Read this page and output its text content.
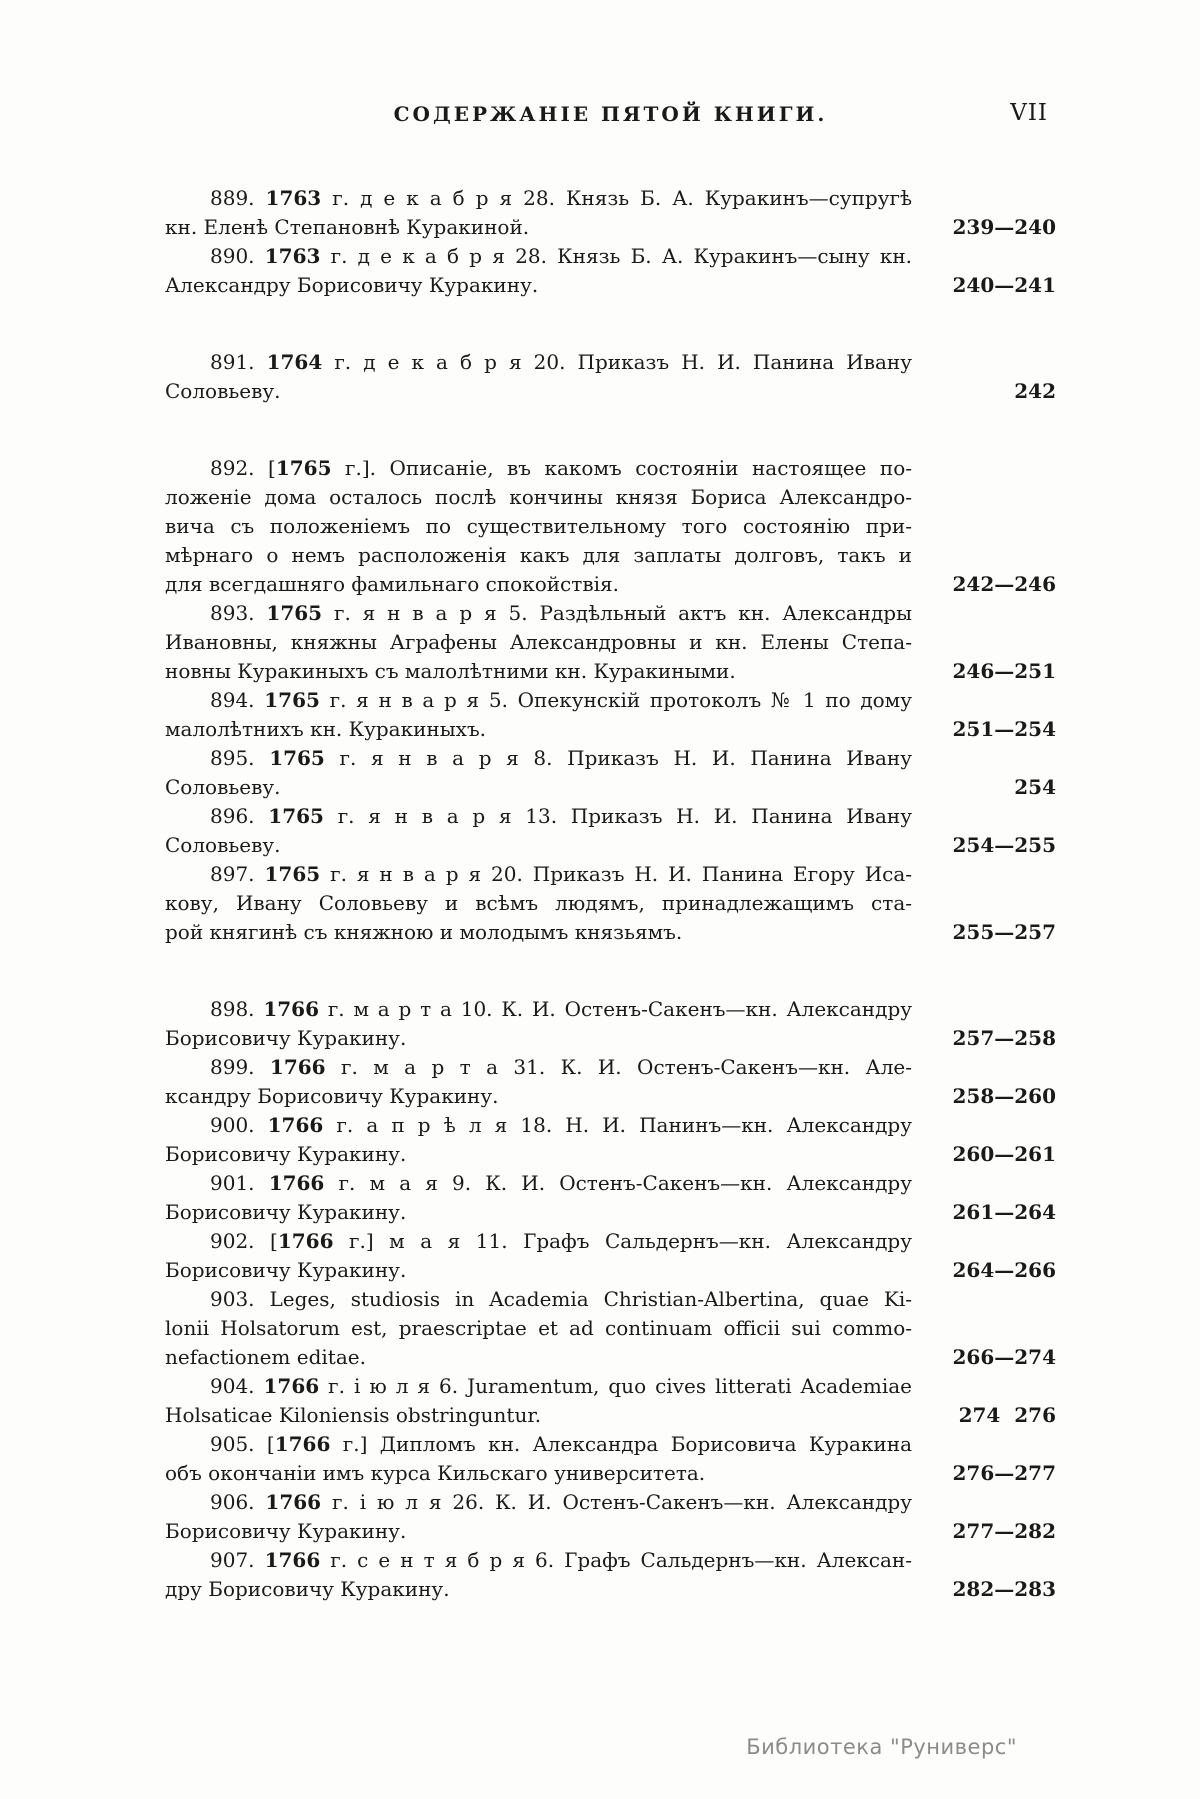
СОДЕРЖАНІЕ ПЯТОЙ КНИГИ.	VII
889. 1763 г. д е к а б р я 28. Князь Б. А. Куракинъ—супругѣ
кн. Еленѣ Степановнѣ Куракиной.	239—240
890. 1763 г. д е к а б р я 28. Князь Б. А. Куракинъ—сыну кн.
Александру Борисовичу Куракину.	240—241
891. 1764 г. д е к а б р я 20. Приказъ Н. И. Панина Ивану
Соловьеву.	242
892. [1765 г.]. Описаніе, въ какомъ состояніи настоящее по-
ложеніе дома осталось послѣ кончины князя Бориса Александро-
вича съ положеніемъ по существительному того состоянію при-
мѣрнаго о немъ расположенія какъ для заплаты долговъ, такъ и
для всегдашняго фамильнаго спокойствія.	242—246
893. 1765 г. я н в а р я 5. Раздѣльный актъ кн. Александры
Ивановны, княжны Аграфены Александровны и кн. Елены Степа-
новны Куракиныхъ съ малолѣтними кн. Куракиными.	246—251
894. 1765 г. я н в а р я 5. Опекунскій протоколъ № 1 по дому
малолѣтнихъ кн. Куракиныхъ.	251—254
895. 1765 г. я н в а р я 8. Приказъ Н. И. Панина Ивану
Соловьеву.	254
896. 1765 г. я н в а р я 13. Приказъ Н. И. Панина Ивану
Соловьеву.	254—255
897. 1765 г. я н в а р я 20. Приказъ Н. И. Панина Егору Иса-
кову, Ивану Соловьеву и всѣмъ людямъ, принадлежащимъ ста-
рой княгинѣ съ княжною и молодымъ князьямъ.	255—257
898. 1766 г. м а р т а 10. К. И. Остенъ-Сакенъ—кн. Александру
Борисовичу Куракину.	257—258
899. 1766 г. м а р т а 31. К. И. Остенъ-Сакенъ—кн. Але-
ксандру Борисовичу Куракину.	258—260
900. 1766 г. а п р ѣ л я 18. Н. И. Панинъ—кн. Александру
Борисовичу Куракину.	260—261
901. 1766 г. м а я 9. К. И. Остенъ-Сакенъ—кн. Александру
Борисовичу Куракину.	261—264
902. [1766 г.] м а я 11. Графъ Сальдернъ—кн. Александру
Борисовичу Куракину.	264—266
903. Leges, studiosis in Academia Christian-Albertina, quae Ki-
lonii Holsatorum est, praescriptae et ad continuam officii sui commo-
nefactionem editae.	266—274
904. 1766 г. і ю л я 6. Juramentum, quo cives litterati Academiae
Holsaticae Kiloniensis obstringuntur.	274  276
905. [1766 г.] Дипломъ кн. Александра Борисовича Куракина
объ окончаніи имъ курса Кильскаго университета.	276—277
906. 1766 г. і ю л я 26. К. И. Остенъ-Сакенъ—кн. Александру
Борисовичу Куракину.	277—282
907. 1766 г. с е н т я б р я 6. Графъ Сальдернъ—кн. Алексан-
дру Борисовичу Куракину.	282—283
Библиотека "Руниверс"
